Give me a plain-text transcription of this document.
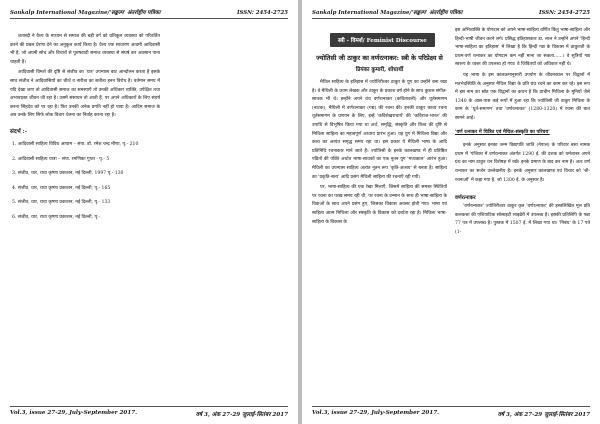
Sankalp International Magazine/'सङ्कल्प' अंतर्राष्ट्रीय पत्रिका	ISSN: 2454-2725

शताब्दी ने वैश्य के माध्यम से समाज की बड़ी वर्ग को प्रतिकूल व्यवस्था को परिवर्तित करने की प्रबल प्रेरणा देने का अनुकूल कार्य किया है। वैश्य एक साधारण आदमी आदिवासी भी है, जो अपनी सोच और विचारों से पुरुषवादी समाज व्यवस्था से संघर्ष कर अवसान पाना चाहती है।

आदिवासी विमर्श की दृष्टि से संजीव का 'धार' उपन्यास बाट आन्दोलन करता है इसके साथ संजीव ने आदिवासियों का चीजें व नारीत्व का सतीत्व हनन विरोध है। वर्तमान समय में यदि देखा जाए तो आदिवासी समाज का समस्याएँ तो उनकी अधिकार व्यक्ति, उपेक्षित तथा अभावग्रस्त जीवन जी रहा है। उसमें संसाधन तो आती हैं, पर अपने अधिकारों के लिए संघर्ष करना सिंहदेव को पर रहा है। फिर उनकी अनेक प्रगति नहीं हो पाया है। आदिम समाज के अब उनके लिए सिर्फ लोक विचार चेतना का निर्वाह करना रहा है।

संदर्भ :-
1. आदिवासी साहित्य विविध आयाम – संपा. डॉ. रमेश चन्द्र मीणा, पृ.- 210
2. आदिवासी साहित्य यात्रा – संपा. रमणिका गुप्ता - पृ.- 5
3. संजीव, धार, राधा कृष्णा प्रकाशन, नई दिल्ली, 1997 पृ.- 130
4. संजीव, धार, राधा कृष्णा प्रकाशन, नई दिल्ली, पृ.- 165
5. संजीव, धार, राधा कृष्णा प्रकाशन, नई दिल्ली, पृ.- 133
6. संजीव, धार, राधा कृष्णा प्रकाशन, नई दिल्ली, पृ.-
Vol.3, issue 27-29, July-September 2017.	वर्ष 3, अंक 27-29 जुलाई-सितंबर 2017
Sankalp International Magazine/'सङ्कल्प' अंतर्राष्ट्रीय पत्रिका	ISSN: 2454-2725
स्त्री - विमर्श/ Feminist Discourse

ज्योतिसी जी ठाकुर का वर्णरत्नाकर: स्त्री के परिप्रेक्ष्य से

प्रियंका कुमारी, शोधार्थी

मैथिल साहित्य के इतिहास में ज्योतिरीश्वर ठाकुर के युग का उन्होंने बना रखा है। वे मैथिली के प्रथम लेखक और ठाकुर के प्रकाश वर्ष होने के साथ कुशल संगीत-साधक भी थे। इन्होंने अपने ग्रंथ वर्णरत्नाकर (कवितावली) और धूर्तसमागम (नाटक), मैथिली में वर्णरत्नाकर (गद्य) की रचना की। इनकी ठाकुर काव्य रचना धूर्तसमागम के प्रणयन के लिए, इन्हें 'कविशेखराचार्य' की 'कविराज-भारत' की उपाधि से विभूषित किया गया था अर्थ, समृद्धि, संस्कृति और विश्व की दृष्टि से मिथिला साहित्य का महत्वपूर्ण अध्याय प्रारंभ हुआ। यह युग में मिथिला विद्या और कला का अत्यंत समृद्ध समय रहा था। इस प्रकार ये मैथिली भाषा के आदि प्रतिनिधि रचनाकार माने जाते हैं। ज्योतिसी के इनके कालखण्ड में ही प्रतिष्ठित पंडितों की पंक्ति अर्थात भाषा-साधकों का एक नूतन युग 'मध्यकाल' आरंभ हुआ। मैथिली का उपन्यास साहित्य अत्यंत नूतन रूप 'कृति-आश्रय' से बनता है। साहित्य का 'प्रकृति-सत्य' आदि प्रसंग मैथिली साहित्य की रचनाएँ रही गयी।

पर, भाषा-साहित्य की एक रेखा मिलाएँ, जिसमें साहित्य की समस्त स्थितियों पर रचना का परख समय रही थी, पर रचना के उन्मान के साथ ही भाषा-साहित्य के विवाओं के साथ अपने प्रसंग हुए, जिसका विकास अवसर होती गया। भाषा एवं साहित्य आत्म मिथिला और संस्कृति के विकास को दर्शाता रहा है। मिथिला भाषा-साहित्य के विकास के

इस अभिव्यक्ति के योगदान को अपने भाषा-साहित्य वर्णित किंतु भाषा-साहित्य और हिन्दी-भाषी जीवन करने लगे। प्रसिद्ध इतिहासकार डा. लाल ने उन्होंने अपने 'हिन्दी भाषा-साहित्य का इतिहास' में लिखा है कि हिन्दी गद्य के विकास में ठाकुरजी के प्रथम-वर्ण रत्नाकर का योगदान कम नहीं माना जा सकता......। वे सूत्रियों गद्य स्वरूप के ध्वस्त की उपलब्ध हो गया। वे जिवितयों को अधिकार नहीं थे।

यह भाषा के इस कालक्रमानुसारी उपयोग के जीवनकाल पर विद्वानों में मतभेदस्थिति के अनुसार मैथिल विद्या के प्रति ग्रंथ रचने का काम कर रहे। इस रूप में इस नाम का स्रोत एक विद्वानों का कथन है कि प्राचीन मिथिला के मुनियों जैसे 1340 के आस-पास कई रूपों में हुआ रहा कि ज्योतिसी जी ठाकुर मिथिला के काम के 'धूर्त-समागम' तथा 'वर्णरत्नाकर' (1280-1320) में रचना की बात सामने आई।

'वर्ण रत्नाकर में चित्रित एवं मैथिल-संस्कृति का परिचय'

इनके अनुसार इनका जन्म विद्यापति जाति (नेपाल) के परिवार बसा नामक प्रथम में 'पंजिका में वर्णरत्नाकर अंतर्गत 1290 ई. की दशक को धर्मशास्त्र अपने ग्रंथ का नाम ठाकुर धन विशेषज्ञ में रखें। इनके प्रमाण के बाद कर नाम है। अतः वर्ण रत्नाकर का सर्जन उल्लेखनीय है। इनके अनुसार कालखण्ड एवं विचार को 'श्री-रचनाओं' में कहा गया है, जो 1300 ई. के अनुसार है।

वर्णरत्नाकर

'वर्णरत्नाकर' ज्योतिरीश्वर ठाकुर कृत 'वर्णरत्नाकर' की हस्तलिखित मूल प्रति कलकत्ता की एशियाटिक सोसाइटी लाइब्रेरी में उपलब्ध है। इसकी प्रतिलिपि के पन्ना 77 पत्र में उपलब्ध है। पुस्तक में 1507 ई. में लिखा गया था। 'निबंध' के 17 पत्रे (1-

Vol.3, issue 27-29, July-September 2017.	वर्ष 3, अंक 27-29 जुलाई-सितंबर 2017
